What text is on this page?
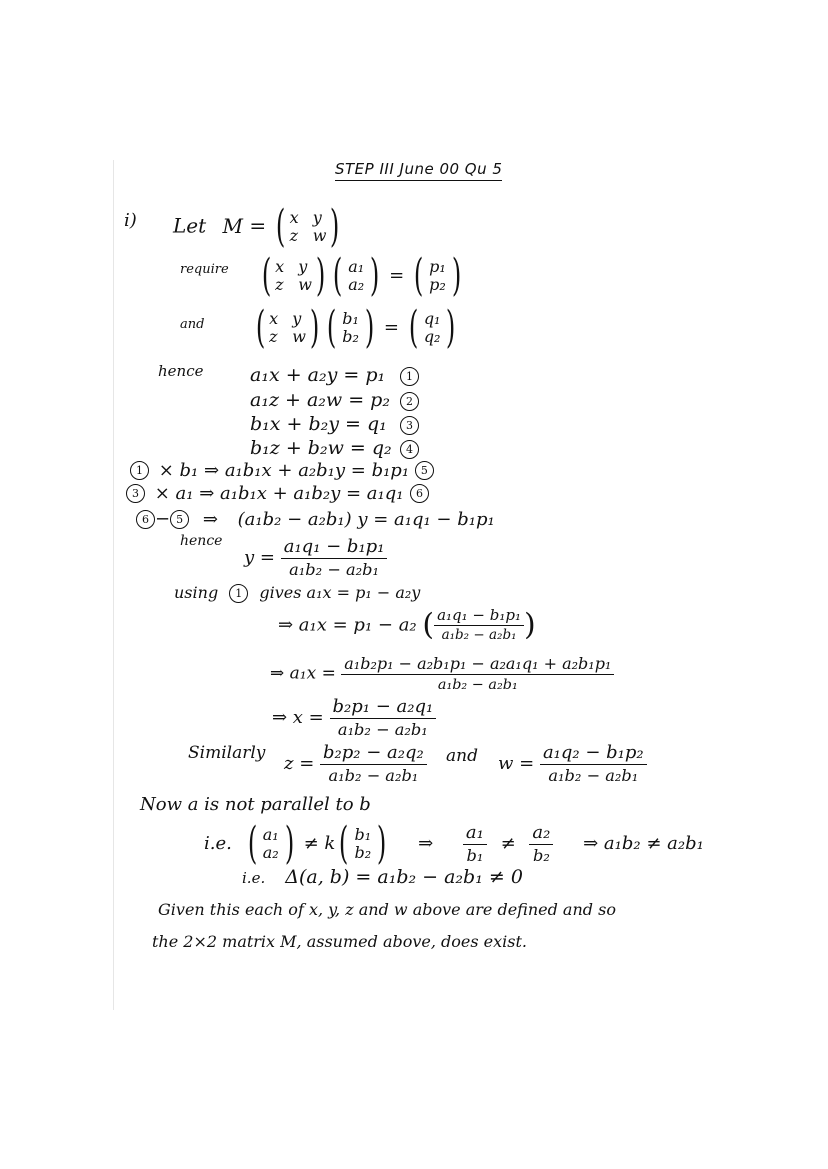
STEP III June 00 Qu 5
i) Let M = ( x y
z w )
require ( x y
z w ) ( a₁
a₂ ) = ( p₁
p₂ )
and ( x y
z w ) ( b₁
b₂ ) = ( q₁
q₂ )
hence a₁x + a₂y = p₁ 1
a₁z + a₂w = p₂ 2
b₁x + b₂y = q₁ 3
b₁z + b₂w = q₂ 4
1 × b₁ ⇒ a₁b₁x + a₂b₁y = b₁p₁ 5
3 × a₁ ⇒ a₁b₁x + a₁b₂y = a₁q₁ 6
6 − 5 ⇒ (a₁b₂ − a₂b₁) y = a₁q₁ − b₁p₁
hence
$y = \frac{\text{a₁q₁ − b₁p₁}}{\text{a₁b₂ − a₂b₁}}$
using 1 gives a₁x = p₁ − a₂y
⇒ a₁x = p₁ − a₂ ( $\frac{\text{a₁q₁ − b₁p₁}}{\text{a₁b₂ − a₂b₁}}$ )
⇒ $a_1x = \frac{\text{a₁b₂p₁ − a₂b₁p₁ − a₂a₁q₁ + a₂b₁p₁}}{\text{a₁b₂ − a₂b₁}}$
⇒ $x = \frac{\text{b₂p₁ − a₂q₁}}{\text{a₁b₂ − a₂b₁}}$
Similarly
$z = \frac{\text{b₂p₂ − a₂q₂}}{\text{a₁b₂ − a₂b₁}}$ and $w = \frac{\text{a₁q₂ − b₁p₂}}{\text{a₁b₂ − a₂b₁}}$
Now a is not parallel to b
i.e. ( a₁
a₂ ) ≠ k ( b₁
b₂ ) ⇒ $\frac{\text{a₁}}{\text{b₁}} \ne \frac{\text{a₂}}{\text{b₂}}$ ⇒ a₁b₂ ≠ a₂b₁
i.e. Δ(a, b) = a₁b₂ − a₂b₁ ≠ 0
Given this each of x, y, z and w above are defined and so
the 2×2 matrix M, assumed above, does exist.
